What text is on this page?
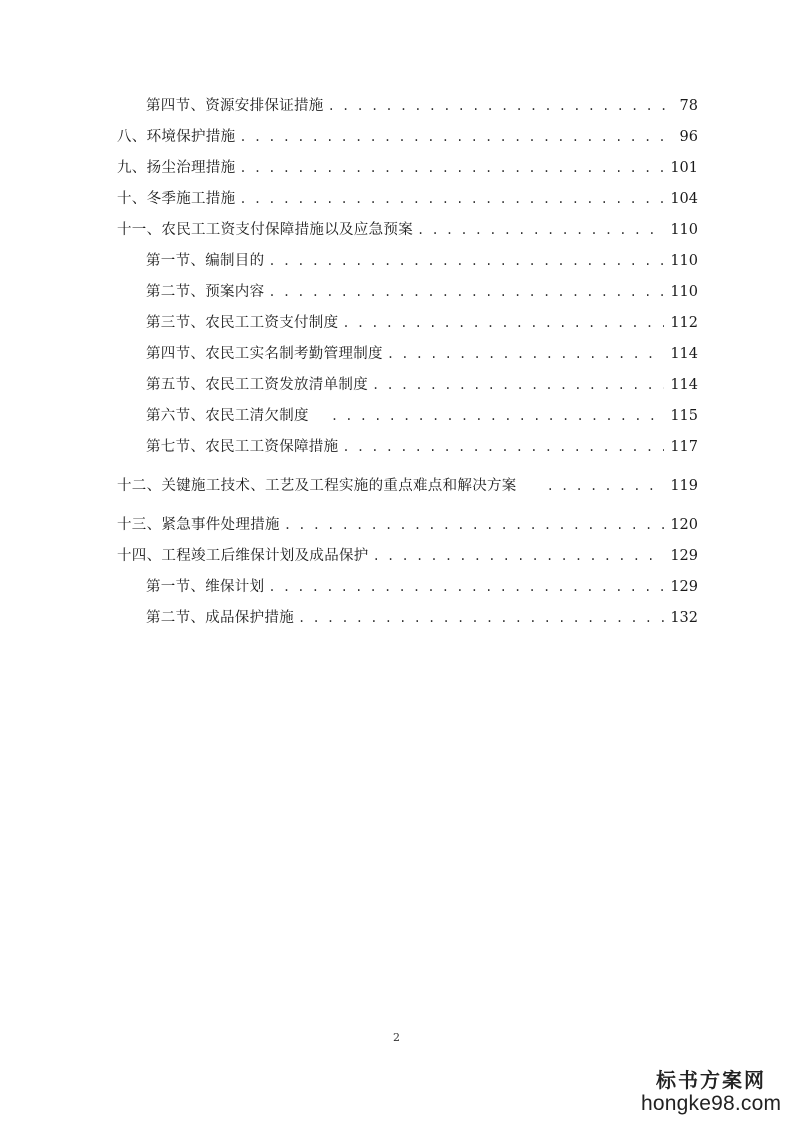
第四节、资源安排保证措施 . . .	78
八、环境保护措施 . . .	96
九、扬尘治理措施 . . .	101
十、冬季施工措施 . . .	104
十一、农民工工资支付保障措施以及应急预案 . . .	110
第一节、编制目的 . . .	110
第二节、预案内容 . . .	110
第三节、农民工工资支付制度 . . .	112
第四节、农民工实名制考勤管理制度 . . .	114
第五节、农民工工资发放清单制度 . . .	114
第六节、农民工清欠制度 . . .	115
第七节、农民工工资保障措施 . . .	117
十二、关键施工技术、工艺及工程实施的重点难点和解决方案 . . .	119
十三、紧急事件处理措施 . . .	120
十四、工程竣工后维保计划及成品保护 . . .	129
第一节、维保计划 . . .	129
第二节、成品保护措施 . . .	132
2
标书方案网
hongke98.com
